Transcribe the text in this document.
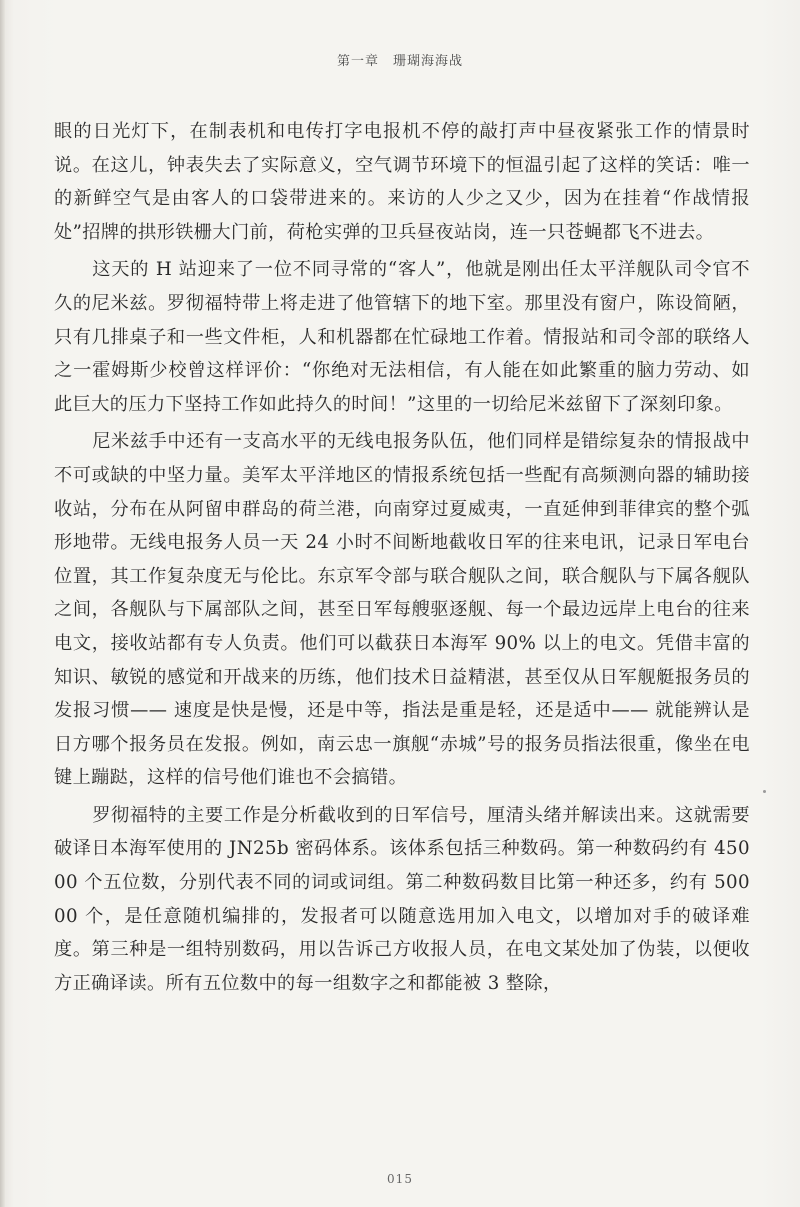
第一章 珊瑚海海战

眼的日光灯下，在制表机和电传打字电报机不停的敲打声中昼夜紧张工作的情景时说。在这儿，钟表失去了实际意义，空气调节环境下的恒温引起了这样的笑话：唯一的新鲜空气是由客人的口袋带进来的。来访的人少之又少，因为在挂着“作战情报处”招牌的拱形铁栅大门前，荷枪实弹的卫兵昼夜站岗，连一只苍蝇都飞不进去。

这天的 H 站迎来了一位不同寻常的“客人”，他就是刚出任太平洋舰队司令官不久的尼米兹。罗彻福特带上将走进了他管辖下的地下室。那里没有窗户，陈设简陋，只有几排桌子和一些文件柜，人和机器都在忙碌地工作着。情报站和司令部的联络人之一霍姆斯少校曾这样评价：“你绝对无法相信，有人能在如此繁重的脑力劳动、如此巨大的压力下坚持工作如此持久的时间！”这里的一切给尼米兹留下了深刻印象。

尼米兹手中还有一支高水平的无线电报务队伍，他们同样是错综复杂的情报战中不可或缺的中坚力量。美军太平洋地区的情报系统包括一些配有高频测向器的辅助接收站，分布在从阿留申群岛的荷兰港，向南穿过夏威夷，一直延伸到菲律宾的整个弧形地带。无线电报务人员一天 24 小时不间断地截收日军的往来电讯，记录日军电台位置，其工作复杂度无与伦比。东京军令部与联合舰队之间，联合舰队与下属各舰队之间，各舰队与下属部队之间，甚至日军每艘驱逐舰、每一个最边远岸上电台的往来电文，接收站都有专人负责。他们可以截获日本海军 90% 以上的电文。凭借丰富的知识、敏锐的感觉和开战来的历练，他们技术日益精湛，甚至仅从日军舰艇报务员的发报习惯—— 速度是快是慢，还是中等，指法是重是轻，还是适中—— 就能辨认是日方哪个报务员在发报。例如，南云忠一旗舰“赤城”号的报务员指法很重，像坐在电键上蹦跶，这样的信号他们谁也不会搞错。

罗彻福特的主要工作是分析截收到的日军信号，厘清头绪并解读出来。这就需要破译日本海军使用的 JN25b 密码体系。该体系包括三种数码。第一种数码约有 45000 个五位数，分别代表不同的词或词组。第二种数码数目比第一种还多，约有 50000 个，是任意随机编排的，发报者可以随意选用加入电文，以增加对手的破译难度。第三种是一组特别数码，用以告诉己方收报人员，在电文某处加了伪装，以便收方正确译读。所有五位数中的每一组数字之和都能被 3 整除，

015
